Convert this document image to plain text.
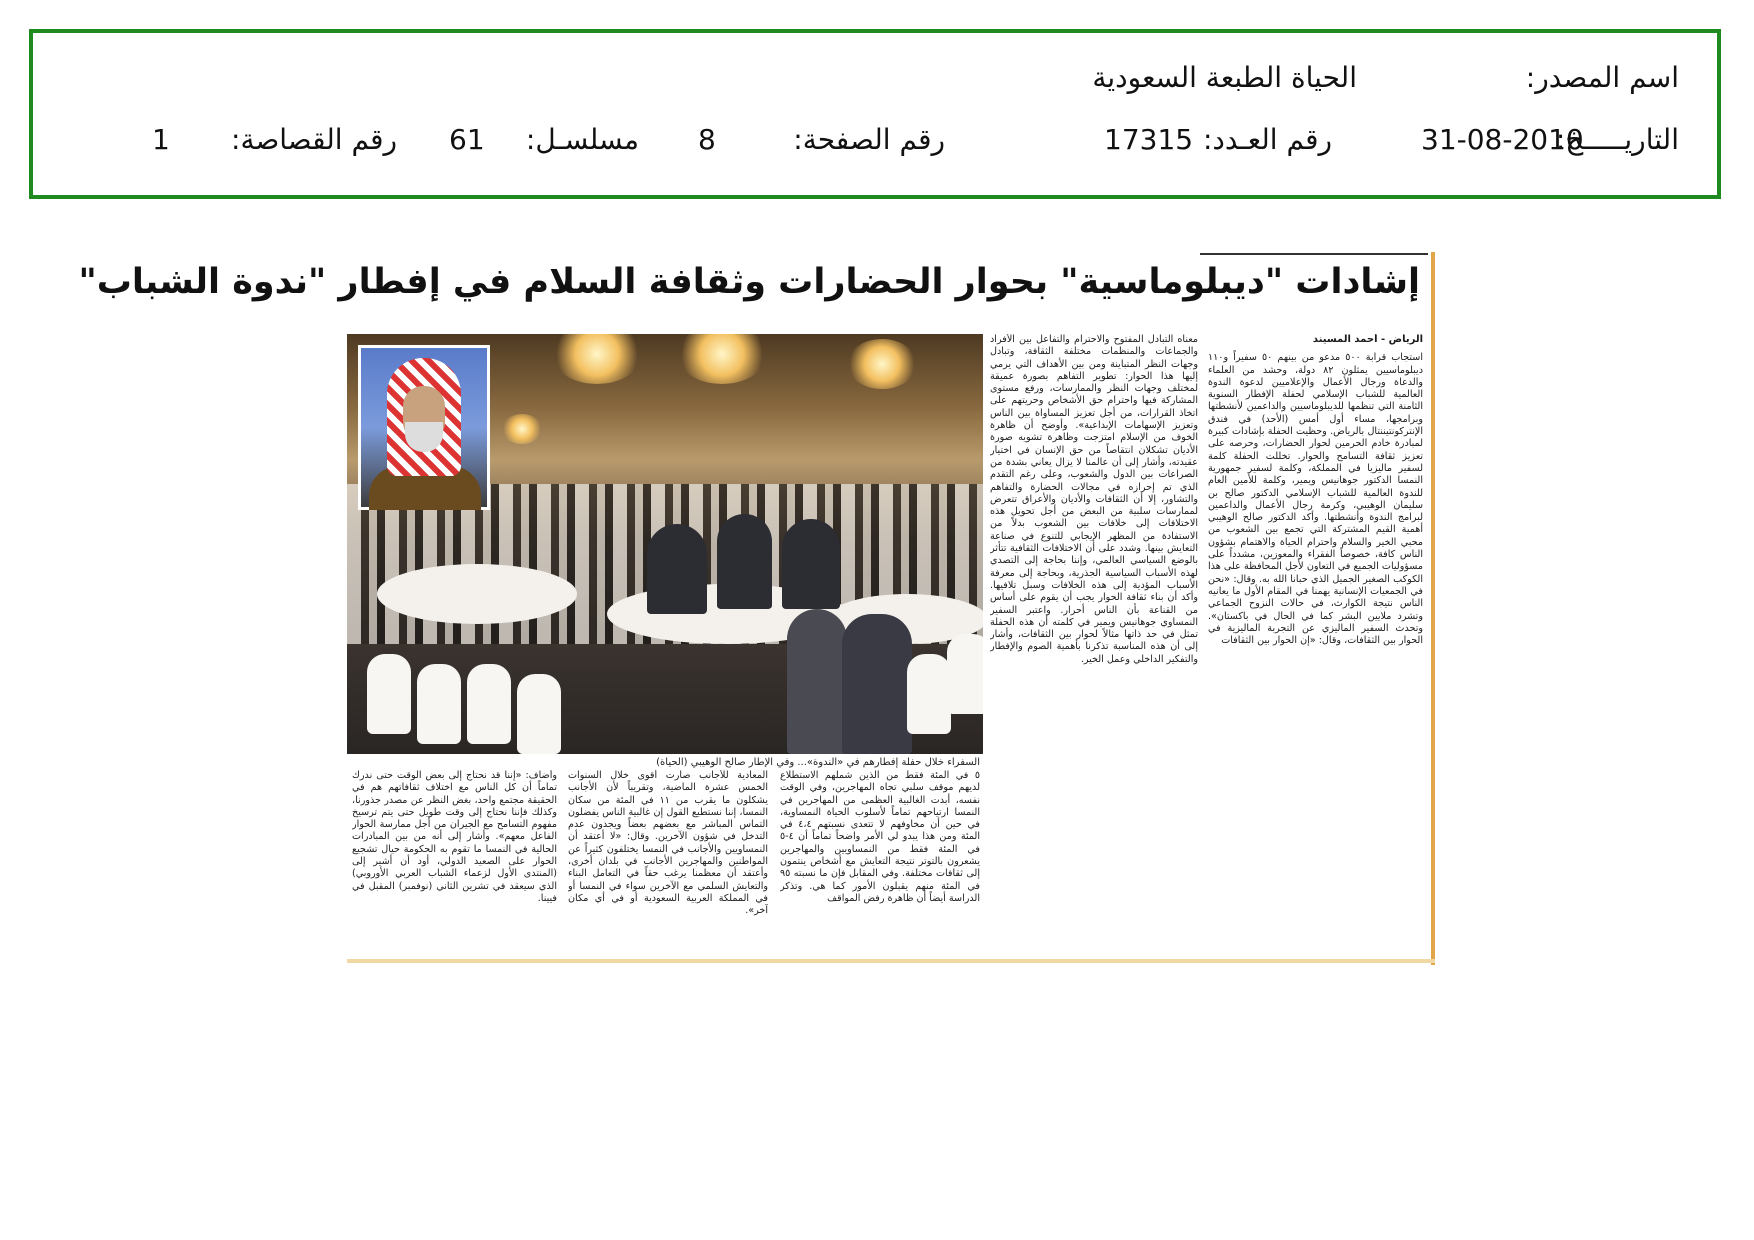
اسم المصدر:
الحياة الطبعة السعودية
التاريـــــخ:
31-08-2010
رقم العـدد:
17315
رقم الصفحة:
8
مسلسـل:
61
رقم القصاصة:
1
إشادات "ديبلوماسية" بحوار الحضارات وثقافة السلام في إفطار "ندوة الشباب"
السفراء خلال حفلة إفطارهم في «الندوة»... وفي الإطار صالح الوهيبي (الحياة)
الرياض - أحمد المسيند

استجاب قرابة ٥٠٠ مدعو من بينهم ٥٠ سفيراً و١١٠ ديبلوماسيين يمثلون ٨٢ دولة، وحشد من العلماء والدعاة ورجال الأعمال والإعلاميين لدعوة الندوة العالمية للشباب الإسلامي لحفلة الإفطار السنوية الثامنة التي تنظمها للديبلوماسيين والداعمين لأنشطتها وبرامجها، مساء أول أمس (الأحد) في فندق الإنتركونتيننتال بالرياض. وحظيت الحفلة بإشادات كبيرة لمبادرة خادم الحرمين لحوار الحضارات، وحرصه على تعزيز ثقافة التسامح والحوار. تخللت الحفلة كلمة لسفير ماليزيا في المملكة، وكلمة لسفير جمهورية النمسا الدكتور جوهانيس ويمير، وكلمة للأمين العام للندوة العالمية للشباب الإسلامي الدكتور صالح بن سليمان الوهيبي، وكرمة رجال الأعمال والداعمين لبرامج الندوة وأنشطتها. وأكد الدكتور صالح الوهيبي أهمية القيم المشتركة التي تجمع بين الشعوب من محبي الخير والسلام واحترام الحياة والاهتمام بشؤون الناس كافة، خصوصاً الفقراء والمعوزين، مشدداً على مسؤوليات الجميع في التعاون لأجل المحافظة على هذا الكوكب الصغير الجميل الذي حبانا الله به. وقال: «نحن في الجمعيات الإنسانية يهمنا في المقام الأول ما يعانيه الناس نتيجة الكوارث، في حالات النزوح الجماعي وتشرد ملايين البشر كما في الحال في باكستان». وتحدث السفير الماليزي عن التجربة الماليزية في الحوار بين الثقافات، وقال: «إن الحوار بين الثقافات

معناه التبادل المفتوح والاحترام والتفاعل بين الأفراد والجماعات والمنظمات مختلفة الثقافة، وتبادل وجهات النظر المتباينة ومن بين الأهداف التي يرمي إليها هذا الحوار: تطوير التفاهم بصورة عميقة لمختلف وجهات النظر والممارسات، ورفع مستوى المشاركة فيها واحترام حق الأشخاص وحريتهم على اتخاذ القرارات، من أجل تعزيز المساواة بين الناس وتعزيز الإسهامات الإبداعية». وأوضح أن ظاهرة الخوف من الإسلام امتزجت وظاهرة تشويه صورة الأديان تشكلان انتقاصاً من حق الإنسان في اختيار عقيدته، وأشار إلى أن عالمنا لا يزال يعاني بشدة من الصراعات بين الدول والشعوب، وعلى رغم التقدم الذي تم إحرازه في مجالات الحضارة والتفاهم والتشاور، إلا أن الثقافات والأديان والأعراق تتعرض لممارسات سلبية من البعض من أجل تحويل هذه الاختلافات إلى خلافات بين الشعوب بدلاً من الاستفادة من المظهر الإيجابي للتنوع في صناعة التعايش بينها. وشدد على أن الاختلافات الثقافية تتأثر بالوضع السياسي العالمي، وإننا بحاجة إلى التصدي لهذه الأسباب السياسية الجذرية، وبحاجة إلى معرفة الأسباب المؤدية إلى هذه الخلافات وسبل تلافيها. وأكد أن بناء ثقافة الحوار يجب أن يقوم على أساس من القناعة بأن الناس أحرار. واعتبر السفير النمساوي جوهانيس ويمير في كلمته أن هذه الحفلة تمثل في حد ذاتها مثالاً لحوار بين الثقافات، وأشار إلى أن هذه المناسبة تذكرنا بأهمية الصوم والإفطار والتفكير الداخلي وعمل الخير.

٥ في المئة فقط من الذين شملهم الاستطلاع لديهم موقف سلبي تجاه المهاجرين، وفي الوقت نفسه، أبدت الغالبية العظمى من المهاجرين في النمسا ارتياحهم تماماً لأسلوب الحياة النمساوية، في حين أن مخاوفهم لا تتعدى نسبتهم ٤،٤ في المئة ومن هذا يبدو لي الأمر واضحاً تماماً أن ٤-٥ في المئة فقط من النمساويين والمهاجرين يشعرون بالتوتر نتيجة التعايش مع أشخاص ينتمون إلى ثقافات مختلفة. وفي المقابل فإن ما نسبته ٩٥ في المئة منهم يقبلون الأمور كما هي. وتذكر الدراسة أيضاً أن ظاهرة رفض المواقف

المعادية للأجانب صارت أقوى خلال السنوات الخمس عشرة الماضية، وتقريباً لأن الأجانب يشكلون ما يقرب من ١١ في المئة من سكان النمسا، إننا نستطيع القول إن غالبية الناس يفضلون التماس المباشر مع بعضهم بعضاً ويجدون عدم التدخل في شؤون الآخرين. وقال: «لا أعتقد أن النمساويين والأجانب في النمسا يختلفون كثيراً عن المواطنين والمهاجرين الأجانب في بلدان أخرى، وأعتقد أن معظمنا يرغب حقاً في التعامل البناء والتعايش السلمي مع الآخرين سواء في النمسا أو في المملكة العربية السعودية أو في أي مكان آخر».

وأضاف: «إننا قد نحتاج إلى بعض الوقت حتى ندرك تماماً أن كل الناس مع اختلاف ثقافاتهم هم في الحقيقة مجتمع واحد، بغض النظر عن مصدر جذورنا، وكذلك فإننا نحتاج إلى وقت طويل حتى يتم ترسيخ مفهوم التسامح مع الجيران من أجل ممارسة الحوار الفاعل معهم». وأشار إلى أنه من بين المبادرات الحالية في النمسا ما تقوم به الحكومة حيال تشجيع الحوار على الصعيد الدولي، أود أن أشير إلى (المنتدى الأول لزعماء الشباب العربي الأوروبي) الذي سيعقد في تشرين الثاني (نوفمبر) المقبل في فيينا.
